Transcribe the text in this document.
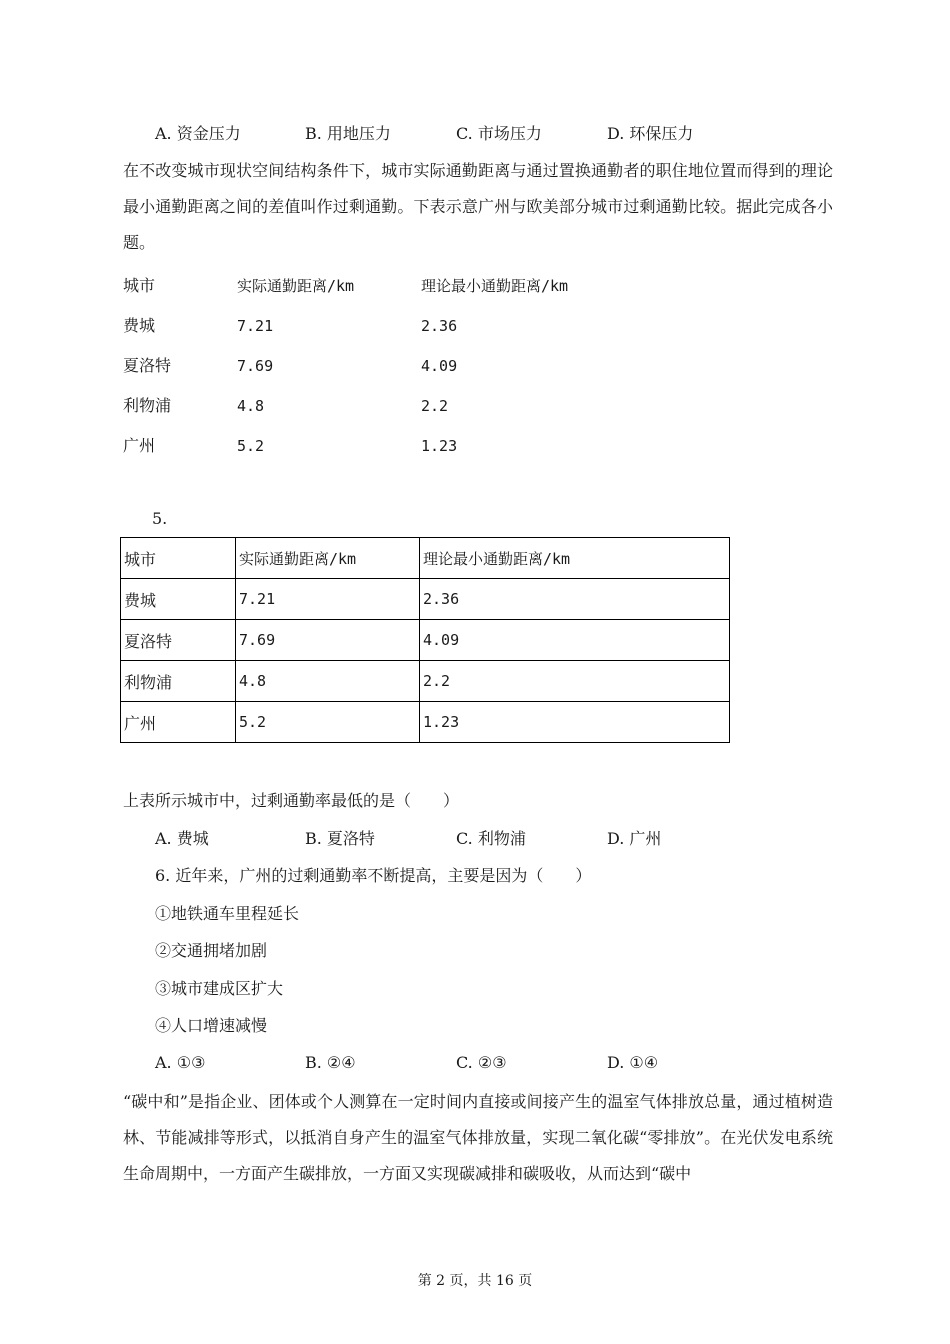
A. 资金压力	B. 用地压力	C. 市场压力	D. 环保压力
在不改变城市现状空间结构条件下，城市实际通勤距离与通过置换通勤者的职住地位置而得到的理论最小通勤距离之间的差值叫作过剩通勤。下表示意广州与欧美部分城市过剩通勤比较。据此完成各小题。
城市	实际通勤距离/km	理论最小通勤距离/km
费城	7.21	2.36
夏洛特	7.69	4.09
利物浦	4.8	2.2
广州	5.2	1.23
5.
城市	实际通勤距离/km	理论最小通勤距离/km
费城	7.21	2.36
夏洛特	7.69	4.09
利物浦	4.8	2.2
广州	5.2	1.23
上表所示城市中，过剩通勤率最低的是（　　）
A. 费城	B. 夏洛特	C. 利物浦	D. 广州
6. 近年来，广州的过剩通勤率不断提高，主要是因为（　　）
①地铁通车里程延长
②交通拥堵加剧
③城市建成区扩大
④人口增速减慢
A. ①③	B. ②④	C. ②③	D. ①④
“碳中和”是指企业、团体或个人测算在一定时间内直接或间接产生的温室气体排放总量，通过植树造林、节能减排等形式，以抵消自身产生的温室气体排放量，实现二氧化碳“零排放”。在光伏发电系统生命周期中，一方面产生碳排放，一方面又实现碳减排和碳吸收，从而达到“碳中
第 2 页，共 16 页
